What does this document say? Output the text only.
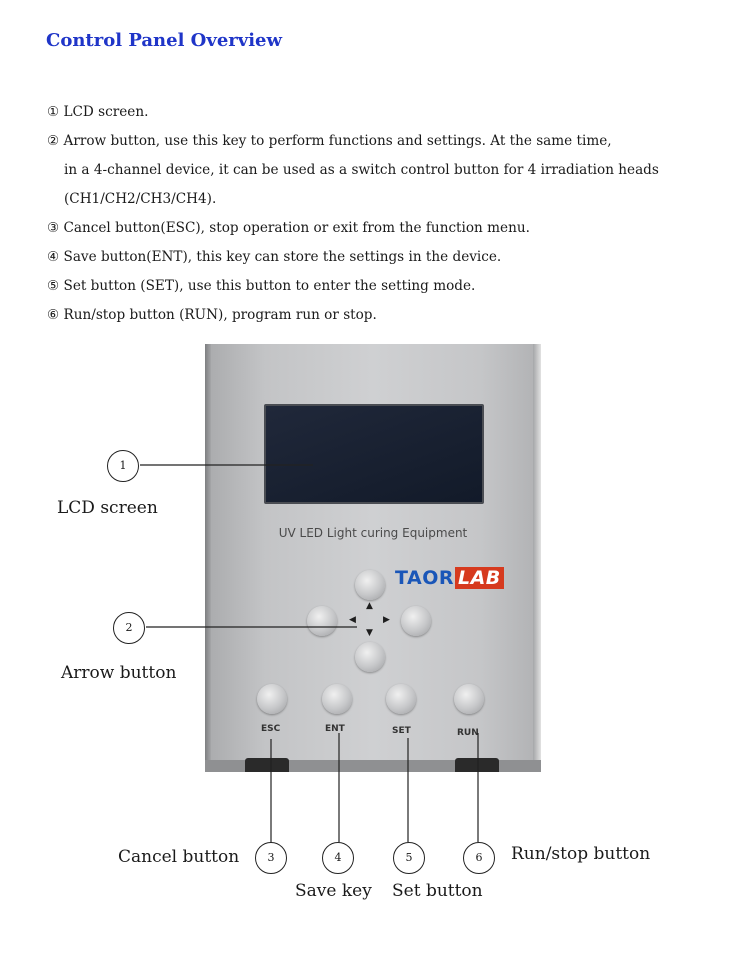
Control Panel Overview
① LCD screen.
② Arrow button, use this key to perform functions and settings. At the same time,
in a 4-channel device, it can be used as a switch control button for 4 irradiation heads
(CH1/CH2/CH3/CH4).
③ Cancel button(ESC), stop operation or exit from the function menu.
④ Save button(ENT), this key can store the settings in the device.
⑤ Set button (SET), use this button to enter the setting mode.
⑥ Run/stop button (RUN), program run or stop.
UV LED Light curing Equipment
TAOR LAB
▲
◀	▶
▼
ESC	ENT	SET	RUN
1
2
3	4	5	6
LCD screen
Arrow button
Cancel button
Save key Set button
Run/stop button
